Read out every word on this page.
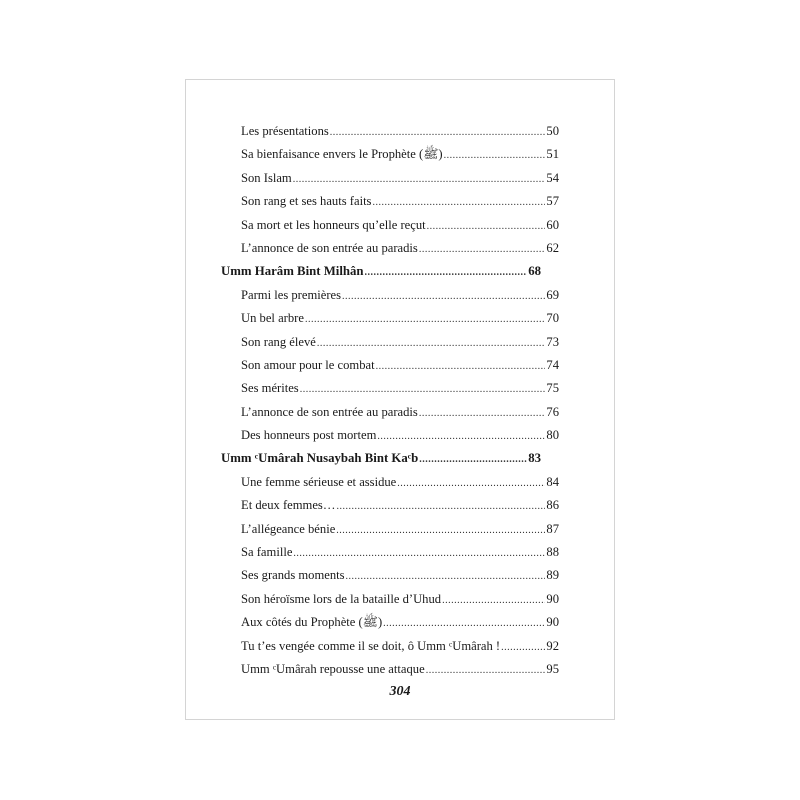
Les présentations .....	50
Sa bienfaisance envers le Prophète (ﷺ) .....	51
Son Islam .....	54
Son rang et ses hauts faits .....	57
Sa mort et les honneurs qu’elle reçut .....	60
L’annonce de son entrée au paradis .....	62
Umm Harâm Bint Milhân .....	68
Parmi les premières .....	69
Un bel arbre .....	70
Son rang élevé .....	73
Son amour pour le combat .....	74
Ses mérites .....	75
L’annonce de son entrée au paradis .....	76
Des honneurs post mortem .....	80
Umm ᶜUmârah Nusaybah Bint Kaᶜb .....	83
Une femme sérieuse et assidue .....	84
Et deux femmes… .....	86
L’allégeance bénie .....	87
Sa famille .....	88
Ses grands moments .....	89
Son héroïsme lors de la bataille d’Uhud .....	90
Aux côtés du Prophète (ﷺ) .....	90
Tu t’es vengée comme il se doit, ô Umm ᶜUmârah ! .....	92
Umm ᶜUmârah repousse une attaque .....	95
304
